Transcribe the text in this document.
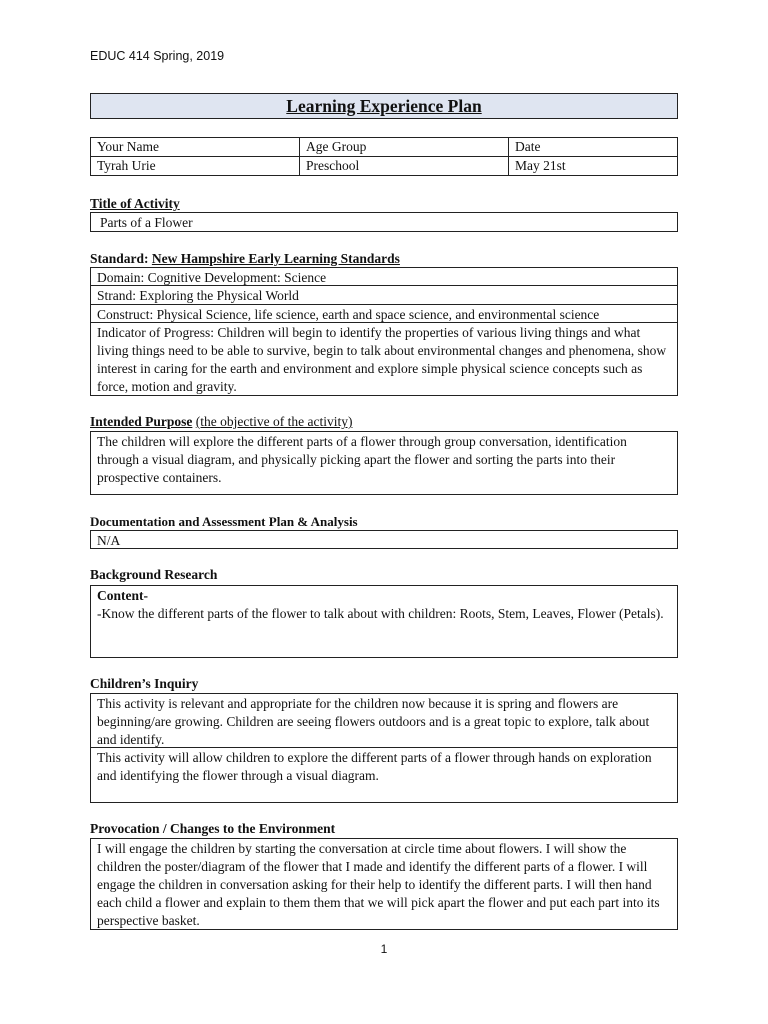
EDUC 414 Spring, 2019
Learning Experience Plan
Your Name	Age Group	Date
Tyrah Urie	Preschool	May 21st
Title of Activity
Parts of a Flower
Standard: New Hampshire Early Learning Standards
Domain: Cognitive Development: Science
Strand: Exploring the Physical World
Construct: Physical Science, life science, earth and space science, and environmental science
Indicator of Progress: Children will begin to identify the properties of various living things and what living things need to be able to survive, begin to talk about environmental changes and phenomena, show interest in caring for the earth and environment and explore simple physical science concepts such as force, motion and gravity.
Intended Purpose (the objective of the activity)
The children will explore the different parts of a flower through group conversation, identification through a visual diagram, and physically picking apart the flower and sorting the parts into their prospective containers.
Documentation and Assessment Plan & Analysis
N/A
Background Research
Content-
-Know the different parts of the flower to talk about with children: Roots, Stem, Leaves, Flower (Petals).
Children’s Inquiry
This activity is relevant and appropriate for the children now because it is spring and flowers are beginning/are growing. Children are seeing flowers outdoors and is a great topic to explore, talk about and identify.
This activity will allow children to explore the different parts of a flower through hands on exploration and identifying the flower through a visual diagram.
Provocation / Changes to the Environment
I will engage the children by starting the conversation at circle time about flowers. I will show the children the poster/diagram of the flower that I made and identify the different parts of a flower. I will engage the children in conversation asking for their help to identify the different parts. I will then hand each child a flower and explain to them them that we will pick apart the flower and put each part into its perspective basket.
1
